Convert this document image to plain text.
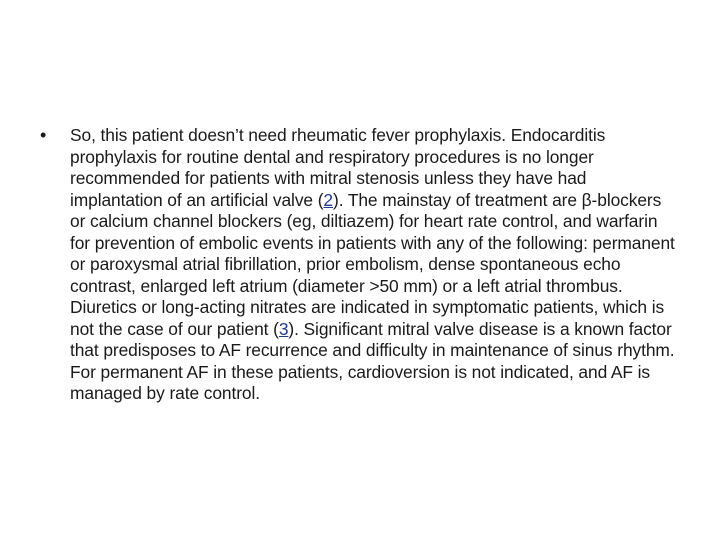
•	So, this patient doesn’t need rheumatic fever prophylaxis. Endocarditis prophylaxis for routine dental and respiratory procedures is no longer recommended for patients with mitral stenosis unless they have had implantation of an artificial valve (2). The mainstay of treatment are β-blockers or calcium channel blockers (eg, diltiazem) for heart rate control, and warfarin for prevention of embolic events in patients with any of the following: permanent or paroxysmal atrial fibrillation, prior embolism, dense spontaneous echo contrast, enlarged left atrium (diameter >50 mm) or a left atrial thrombus. Diuretics or long-acting nitrates are indicated in symptomatic patients, which is not the case of our patient (3). Significant mitral valve disease is a known factor that predisposes to AF recurrence and difficulty in maintenance of sinus rhythm. For permanent AF in these patients, cardioversion is not indicated, and AF is managed by rate control.
